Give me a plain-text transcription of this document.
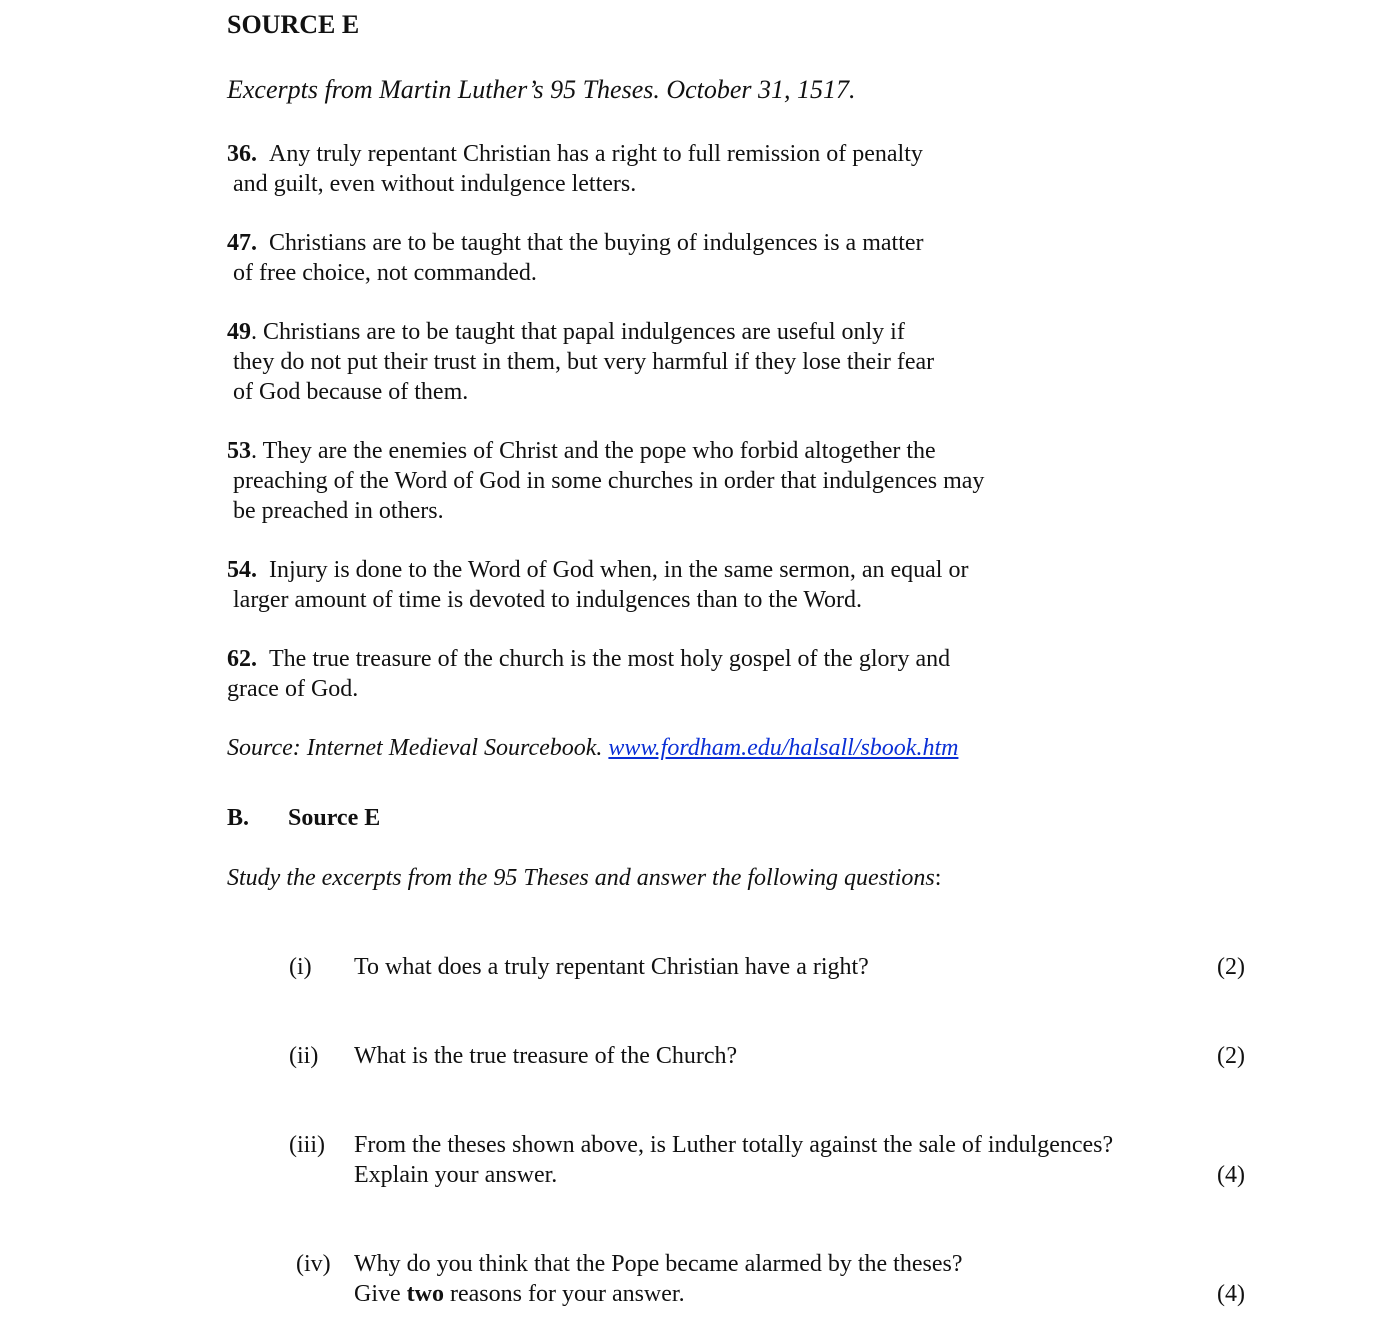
SOURCE E
Excerpts from Martin Luther’s 95 Theses. October 31, 1517.
36. Any truly repentant Christian has a right to full remission of penalty
and guilt, even without indulgence letters.
47. Christians are to be taught that the buying of indulgences is a matter
of free choice, not commanded.
49. Christians are to be taught that papal indulgences are useful only if
they do not put their trust in them, but very harmful if they lose their fear
of God because of them.
53. They are the enemies of Christ and the pope who forbid altogether the
preaching of the Word of God in some churches in order that indulgences may
be preached in others.
54. Injury is done to the Word of God when, in the same sermon, an equal or
larger amount of time is devoted to indulgences than to the Word.
62. The true treasure of the church is the most holy gospel of the glory and
grace of God.
Source: Internet Medieval Sourcebook. www.fordham.edu/halsall/sbook.htm
B. Source E
Study the excerpts from the 95 Theses and answer the following questions:
(i) To what does a truly repentant Christian have a right?	(2)
(ii) What is the true treasure of the Church?	(2)
(iii) From the theses shown above, is Luther totally against the sale of indulgences?
Explain your answer.	(4)
(iv) Why do you think that the Pope became alarmed by the theses?
Give two reasons for your answer.	(4)
